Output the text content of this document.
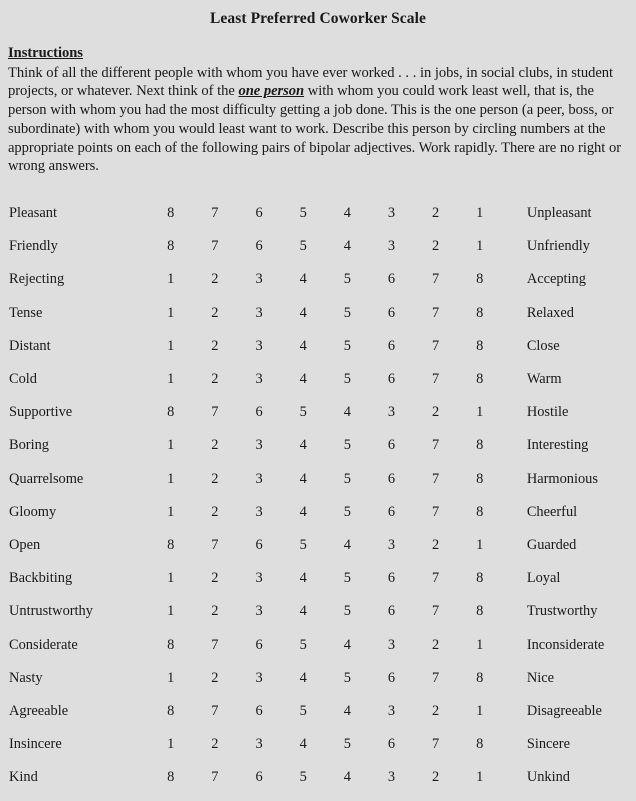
Least Preferred Coworker Scale
Instructions
Think of all the different people with whom you have ever worked . . . in jobs, in social clubs, in student projects, or whatever. Next think of the one person with whom you could work least well, that is, the person with whom you had the most difficulty getting a job done. This is the one person (a peer, boss, or subordinate) with whom you would least want to work. Describe this person by circling numbers at the appropriate points on each of the following pairs of bipolar adjectives. Work rapidly. There are no right or wrong answers.
Pleasant	8	7	6	5	4	3	2	1	Unpleasant
Friendly	8	7	6	5	4	3	2	1	Unfriendly
Rejecting	1	2	3	4	5	6	7	8	Accepting
Tense	1	2	3	4	5	6	7	8	Relaxed
Distant	1	2	3	4	5	6	7	8	Close
Cold	1	2	3	4	5	6	7	8	Warm
Supportive	8	7	6	5	4	3	2	1	Hostile
Boring	1	2	3	4	5	6	7	8	Interesting
Quarrelsome	1	2	3	4	5	6	7	8	Harmonious
Gloomy	1	2	3	4	5	6	7	8	Cheerful
Open	8	7	6	5	4	3	2	1	Guarded
Backbiting	1	2	3	4	5	6	7	8	Loyal
Untrustworthy	1	2	3	4	5	6	7	8	Trustworthy
Considerate	8	7	6	5	4	3	2	1	Inconsiderate
Nasty	1	2	3	4	5	6	7	8	Nice
Agreeable	8	7	6	5	4	3	2	1	Disagreeable
Insincere	1	2	3	4	5	6	7	8	Sincere
Kind	8	7	6	5	4	3	2	1	Unkind
